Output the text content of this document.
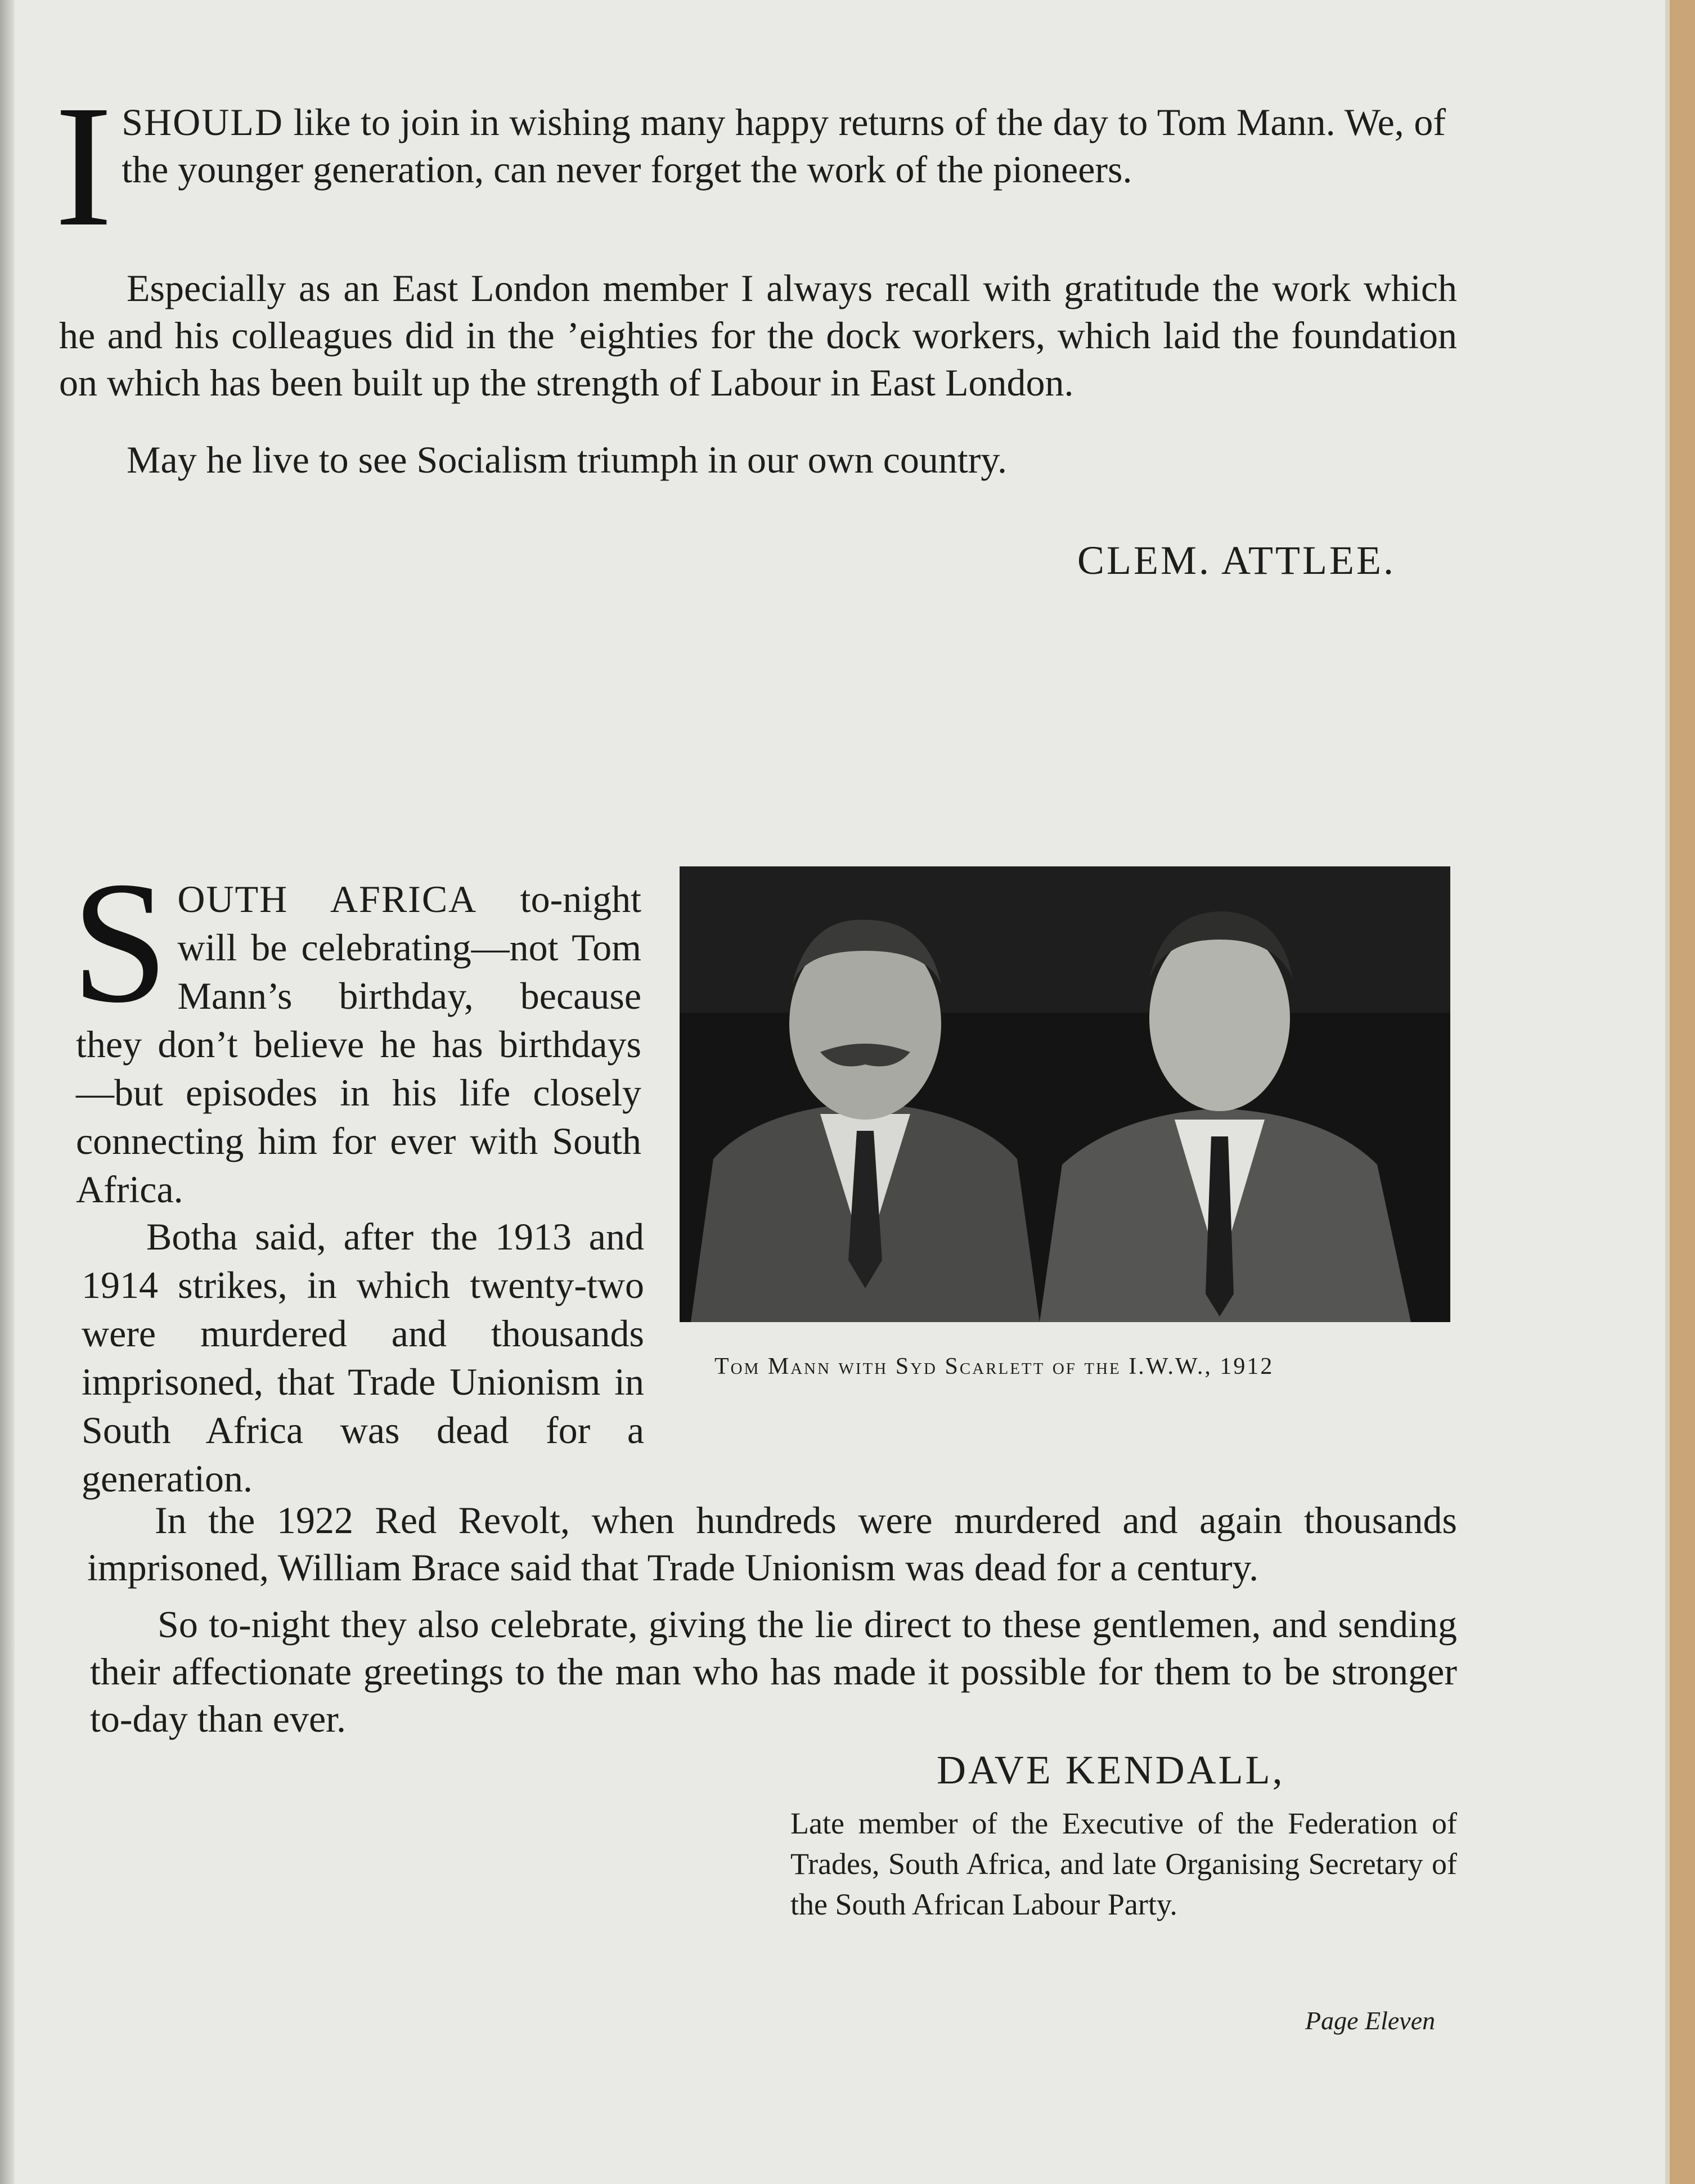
ISHOULD like to join in wishing many happy returns of the day to Tom Mann. We, of the younger generation, can never forget the work of the pioneers.

Especially as an East London member I always recall with gratitude the work which he and his colleagues did in the ’eighties for the dock workers, which laid the foundation on which has been built up the strength of Labour in East London.

May he live to see Socialism triumph in our own country.

CLEM. ATTLEE.

SOUTH AFRICA to-night will be celebrating—not Tom Mann’s birthday, because they don’t believe he has birthdays—but episodes in his life closely connecting him for ever with South Africa.

Botha said, after the 1913 and 1914 strikes, in which twenty-two were murdered and thousands imprisoned, that Trade Unionism in South Africa was dead for a generation.

Tom Mann with Syd Scarlett of the I.W.W., 1912

In the 1922 Red Revolt, when hundreds were murdered and again thousands imprisoned, William Brace said that Trade Unionism was dead for a century.

So to-night they also celebrate, giving the lie direct to these gentlemen, and sending their affectionate greetings to the man who has made it possible for them to be stronger to-day than ever.

DAVE KENDALL,

Late member of the Executive of the Federation of Trades, South Africa, and late Organising Secretary of the South African Labour Party.

Page Eleven
